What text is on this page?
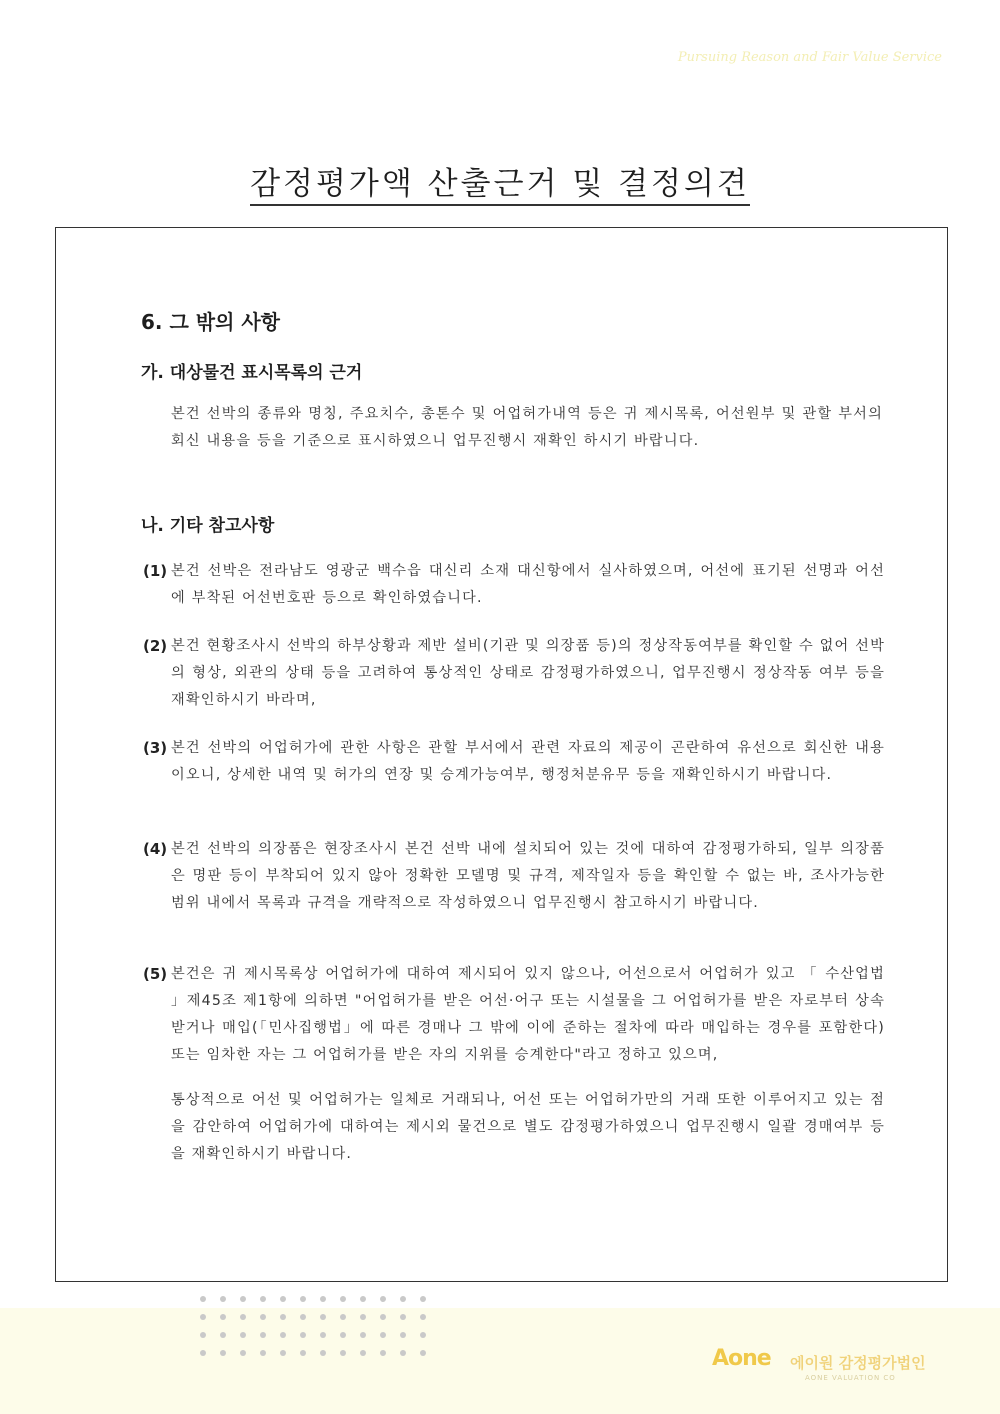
Pursuing Reason and Fair Value Service
감정평가액 산출근거 및 결정의견
6. 그 밖의 사항
가. 대상물건 표시목록의 근거
본건 선박의 종류와 명칭, 주요치수, 총톤수 및 어업허가내역 등은 귀 제시목록, 어선원부 및 관할 부서의 회신 내용을 등을 기준으로 표시하였으니 업무진행시 재확인 하시기 바랍니다.
나. 기타 참고사항
(1) 본건 선박은 전라남도 영광군 백수읍 대신리 소재 대신항에서 실사하였으며, 어선에 표기된 선명과 어선에 부착된 어선번호판 등으로 확인하였습니다.
(2) 본건 현황조사시 선박의 하부상황과 제반 설비(기관 및 의장품 등)의 정상작동여부를 확인할 수 없어 선박의 형상, 외관의 상태 등을 고려하여 통상적인 상태로 감정평가하였으니, 업무진행시 정상작동 여부 등을 재확인하시기 바라며,
(3) 본건 선박의 어업허가에 관한 사항은 관할 부서에서 관련 자료의 제공이 곤란하여 유선으로 회신한 내용이오니, 상세한 내역 및 허가의 연장 및 승계가능여부, 행정처분유무 등을 재확인하시기 바랍니다.
(4) 본건 선박의 의장품은 현장조사시 본건 선박 내에 설치되어 있는 것에 대하여 감정평가하되, 일부 의장품은 명판 등이 부착되어 있지 않아 정확한 모델명 및 규격, 제작일자 등을 확인할 수 없는 바, 조사가능한 범위 내에서 목록과 규격을 개략적으로 작성하였으니 업무진행시 참고하시기 바랍니다.
(5) 본건은 귀 제시목록상 어업허가에 대하여 제시되어 있지 않으나, 어선으로서 어업허가 있고 「 수산업법 」제45조 제1항에 의하면 "어업허가를 받은 어선·어구 또는 시설물을 그 어업허가를 받은 자로부터 상속받거나 매입(「민사집행법」에 따른 경매나 그 밖에 이에 준하는 절차에 따라 매입하는 경우를 포함한다) 또는 임차한 자는 그 어업허가를 받은 자의 지위를 승계한다"라고 정하고 있으며,
통상적으로 어선 및 어업허가는 일체로 거래되나, 어선 또는 어업허가만의 거래 또한 이루어지고 있는 점을 감안하여 어업허가에 대하여는 제시외 물건으로 별도 감정평가하였으니 업무진행시 일괄 경매여부 등을 재확인하시기 바랍니다.
Aone 에이원 감정평가법인
AONE VALUATION CO
